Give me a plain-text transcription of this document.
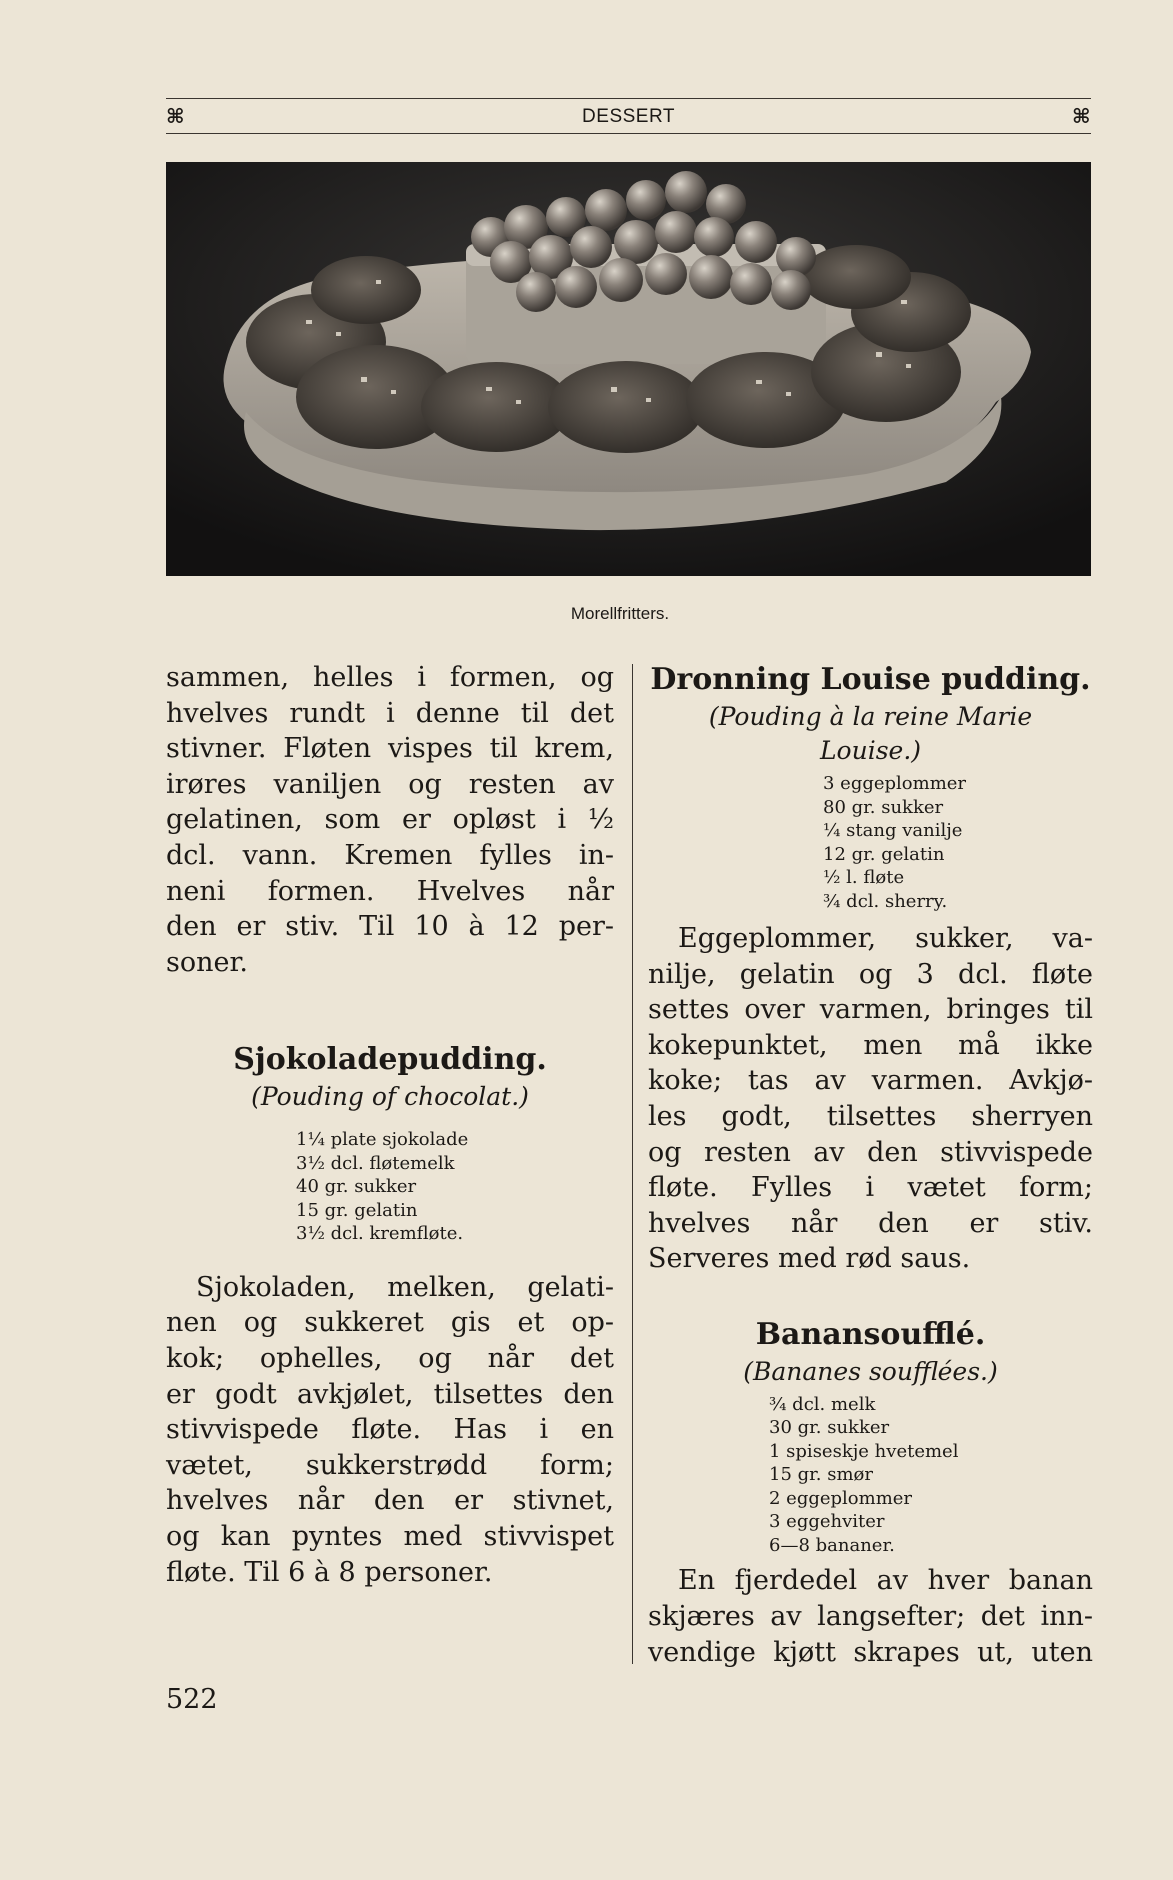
⌘	DESSERT	⌘
Morellfritters.

sammen, helles i formen, og
hvelves rundt i denne til det
stivner. Fløten vispes til krem,
irøres vaniljen og resten av
gelatinen, som er opløst i ½
dcl. vann. Kremen fylles in-
neni formen. Hvelves når
den er stiv. Til 10 à 12 per-
soner.

Sjokoladepudding.

(Pouding of chocolat.)

1¼ plate sjokolade
3½ dcl. fløtemelk
40 gr. sukker
15 gr. gelatin
3½ dcl. kremfløte.

Sjokoladen, melken, gelati-
nen og sukkeret gis et op-
kok; ophelles, og når det
er godt avkjølet, tilsettes den
stivvispede fløte. Has i en
vætet, sukkerstrødd form;
hvelves når den er stivnet,
og kan pyntes med stivvispet
fløte. Til 6 à 8 personer.

Dronning Louise pudding.

(Pouding à la reine Marie
Louise.)

3 eggeplommer
80 gr. sukker
¼ stang vanilje
12 gr. gelatin
½ l. fløte
¾ dcl. sherry.

Eggeplommer, sukker, va-
nilje, gelatin og 3 dcl. fløte
settes over varmen, bringes til
kokepunktet, men må ikke
koke; tas av varmen. Avkjø-
les godt, tilsettes sherryen
og resten av den stivvispede
fløte. Fylles i vætet form;
hvelves når den er stiv.
Serveres med rød saus.

Banansoufflé.

(Bananes soufflées.)

¾ dcl. melk
30 gr. sukker
1 spiseskje hvetemel
15 gr. smør
2 eggeplommer
3 eggehviter
6—8 bananer.

En fjerdedel av hver banan
skjæres av langsefter; det inn-
vendige kjøtt skrapes ut, uten

522
